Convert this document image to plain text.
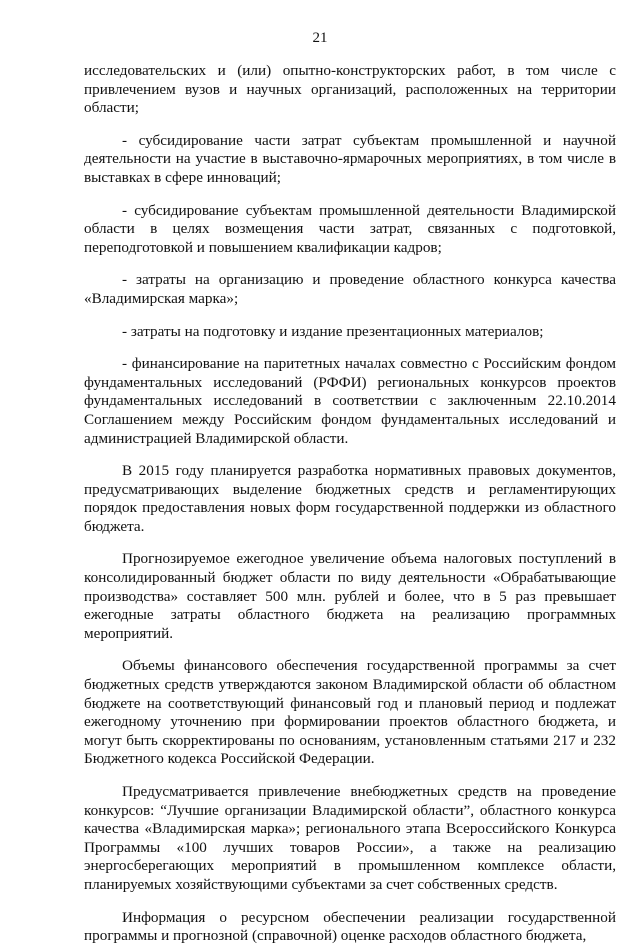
21

исследовательских и (или) опытно-конструкторских работ, в том числе с привлечением вузов и научных организаций, расположенных на территории области;

- субсидирование части затрат субъектам промышленной и научной деятельности на участие в выставочно-ярмарочных мероприятиях, в том числе в выставках в сфере инноваций;

- субсидирование субъектам промышленной деятельности Владимирской области в целях возмещения части затрат, связанных с подготовкой, переподготовкой и повышением квалификации кадров;

- затраты на организацию и проведение областного конкурса качества «Владимирская марка»;

- затраты на подготовку и издание презентационных материалов;

- финансирование на паритетных началах совместно с Российским фондом фундаментальных исследований (РФФИ) региональных конкурсов проектов фундаментальных исследований в соответствии с заключенным 22.10.2014 Соглашением между Российским фондом фундаментальных исследований и администрацией Владимирской области.

В 2015 году планируется разработка нормативных правовых документов, предусматривающих выделение бюджетных средств и регламентирующих порядок предоставления новых форм государственной поддержки из областного бюджета.

Прогнозируемое ежегодное увеличение объема налоговых поступлений в консолидированный бюджет области по виду деятельности «Обрабатывающие производства» составляет 500 млн. рублей и более, что в 5 раз превышает ежегодные затраты областного бюджета на реализацию программных мероприятий.

Объемы финансового обеспечения государственной программы за счет бюджетных средств утверждаются законом Владимирской области об областном бюджете на соответствующий финансовый год и плановый период и подлежат ежегодному уточнению при формировании проектов областного бюджета, и могут быть скорректированы по основаниям, установленным статьями 217 и 232 Бюджетного кодекса Российской Федерации.

Предусматривается привлечение внебюджетных средств на проведение конкурсов: “Лучшие организации Владимирской области”, областного конкурса качества «Владимирская марка»; регионального этапа Всероссийского Конкурса Программы «100 лучших товаров России», а также на реализацию энергосберегающих мероприятий в промышленном комплексе области, планируемых хозяйствующими субъектами за счет собственных средств.

Информация о ресурсном обеспечении реализации государственной программы и прогнозной (справочной) оценке расходов областного бюджета,
